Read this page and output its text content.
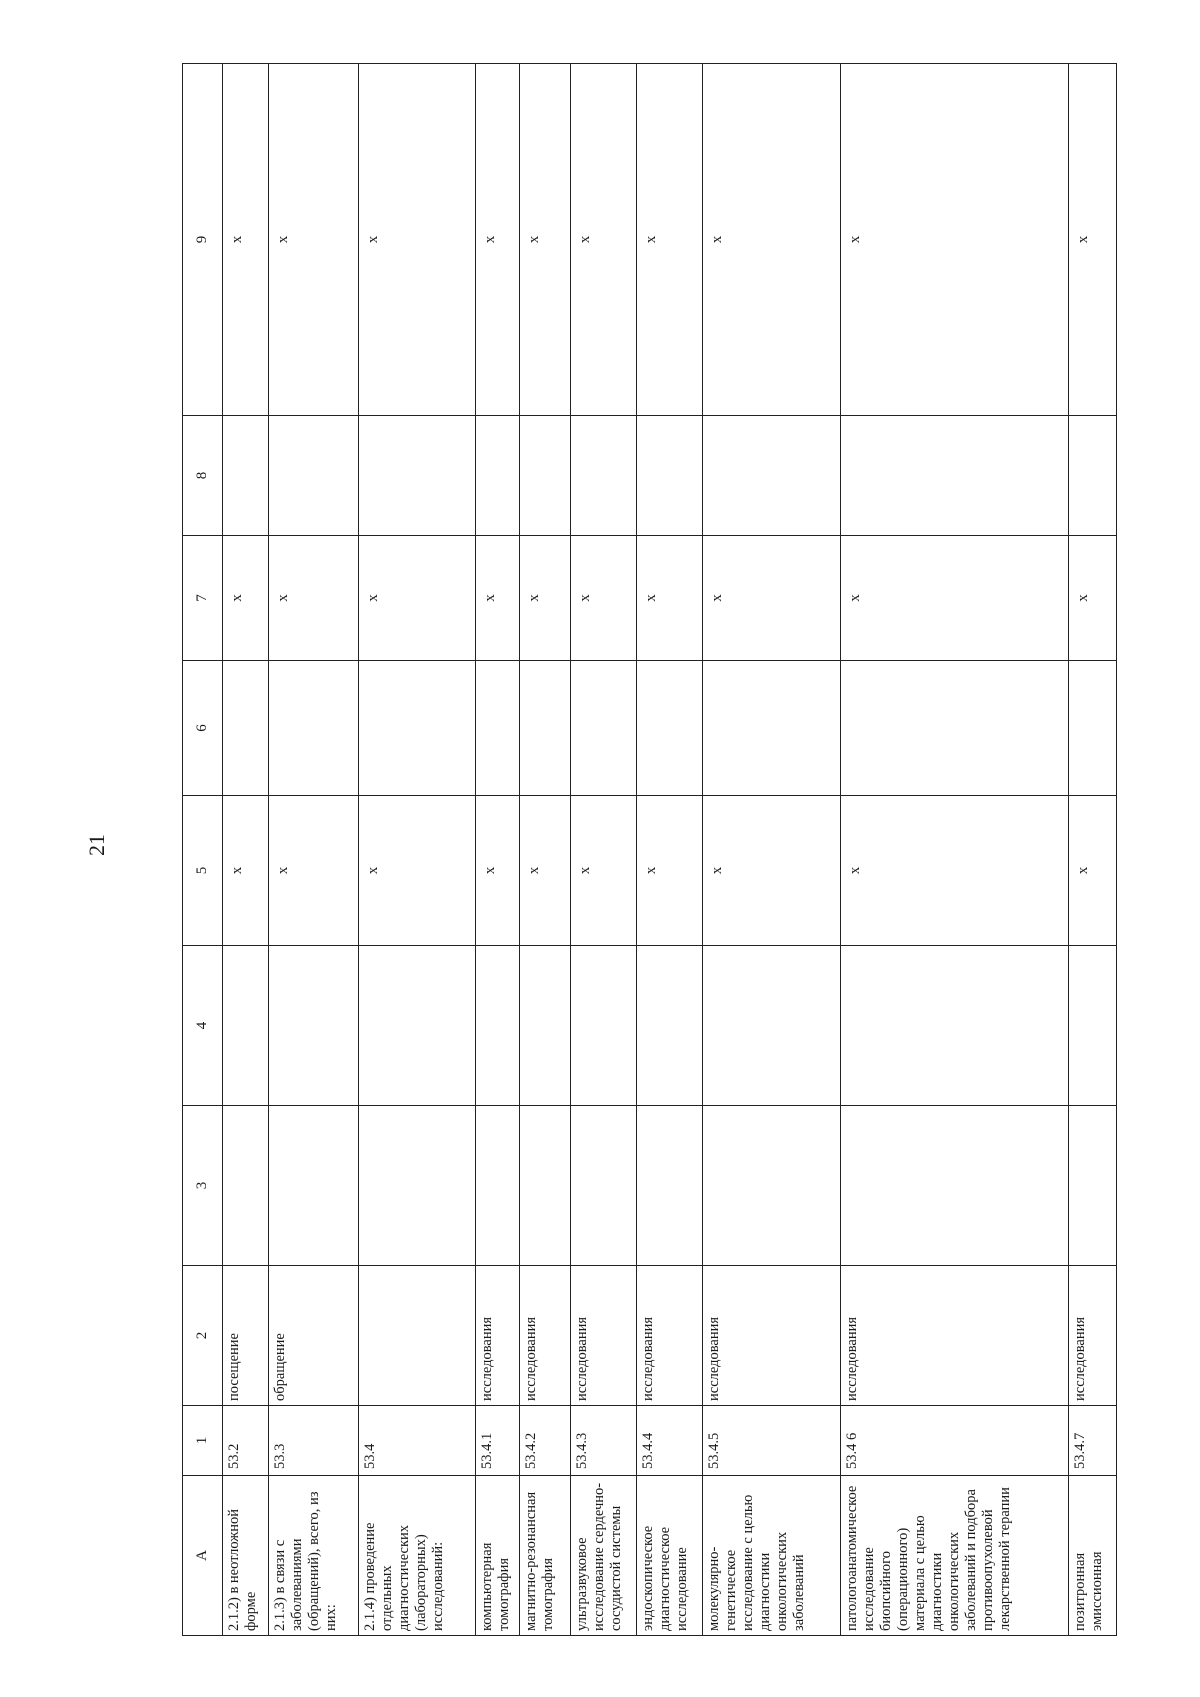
21
А	1	2	3	4	5	6	7	8	9
2.1.2) в неотложной форме	53.2	посещение			х		х		х
2.1.3) в связи с заболеваниями (обращений), всего, из них:	53.3	обращение			х		х		х
2.1.4) проведение отдельных диагностических (лабораторных) исследований:	53.4				х		х		х
компьютерная томография	53.4.1	исследования			х		х		х
магнитно-резонансная томография	53.4.2	исследования			х		х		х
ультразвуковое исследование сердечно-сосудистой системы	53.4.3	исследования			х		х		х
эндоскопическое диагностическое исследование	53.4.4	исследования			х		х		х
молекулярно-генетическое исследование с целью диагностики онкологических заболеваний	53.4.5	исследования			х		х		х
патологоанатомическое исследование биопсийного (операционного) материала с целью диагностики онкологических заболеваний и подбора противоопухолевой лекарственной терапии	53.4 6	исследования			х		х		х
позитронная эмиссионная	53.4.7	исследования			х		х		х
